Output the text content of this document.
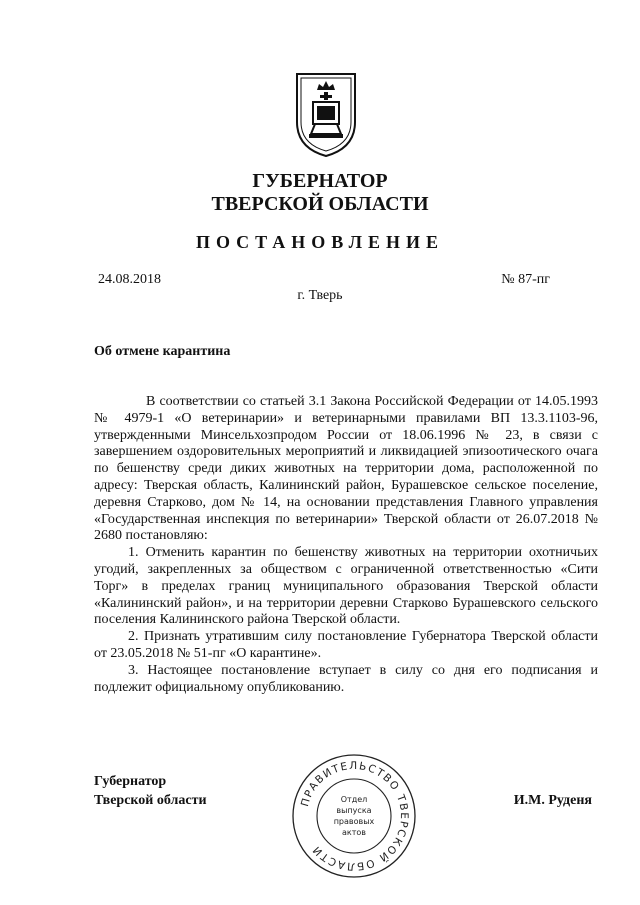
ГУБЕРНАТОР
ТВЕРСКОЙ ОБЛАСТИ
ПОСТАНОВЛЕНИЕ
24.08.2018	№ 87-пг
г. Тверь
Об отмене карантина

В соответствии со статьей 3.1 Закона Российской Федерации от 14.05.1993 № 4979-1 «О ветеринарии» и ветеринарными правилами ВП 13.3.1103-96, утвержденными Минсельхозпродом России от 18.06.1996 № 23, в связи с завершением оздоровительных мероприятий и ликвидацией эпизоотического очага по бешенству среди диких животных на территории дома, расположенной по адресу: Тверская область, Калининский район, Бурашевское сельское поселение, деревня Старково, дом № 14, на основании представления Главного управления «Государственная инспекция по ветеринарии» Тверской области от 26.07.2018 № 2680 постановляю:

1. Отменить карантин по бешенству животных на территории охотничьих угодий, закрепленных за обществом с ограниченной ответственностью «Сити Торг» в пределах границ муниципального образования Тверской области «Калининский район», и на территории деревни Старково Бурашевского сельского поселения Калининского района Тверской области.

2. Признать утратившим силу постановление Губернатора Тверской области от 23.05.2018 № 51-пг «О карантине».

3. Настоящее постановление вступает в силу со дня его подписания и подлежит официальному опубликованию.

Губернатор
Тверской области	И.М. Руденя
ПРАВИТЕЛЬСТВО ТВЕРСКОЙ ОБЛАСТИ
Отдел
выпуска
правовых
актов
